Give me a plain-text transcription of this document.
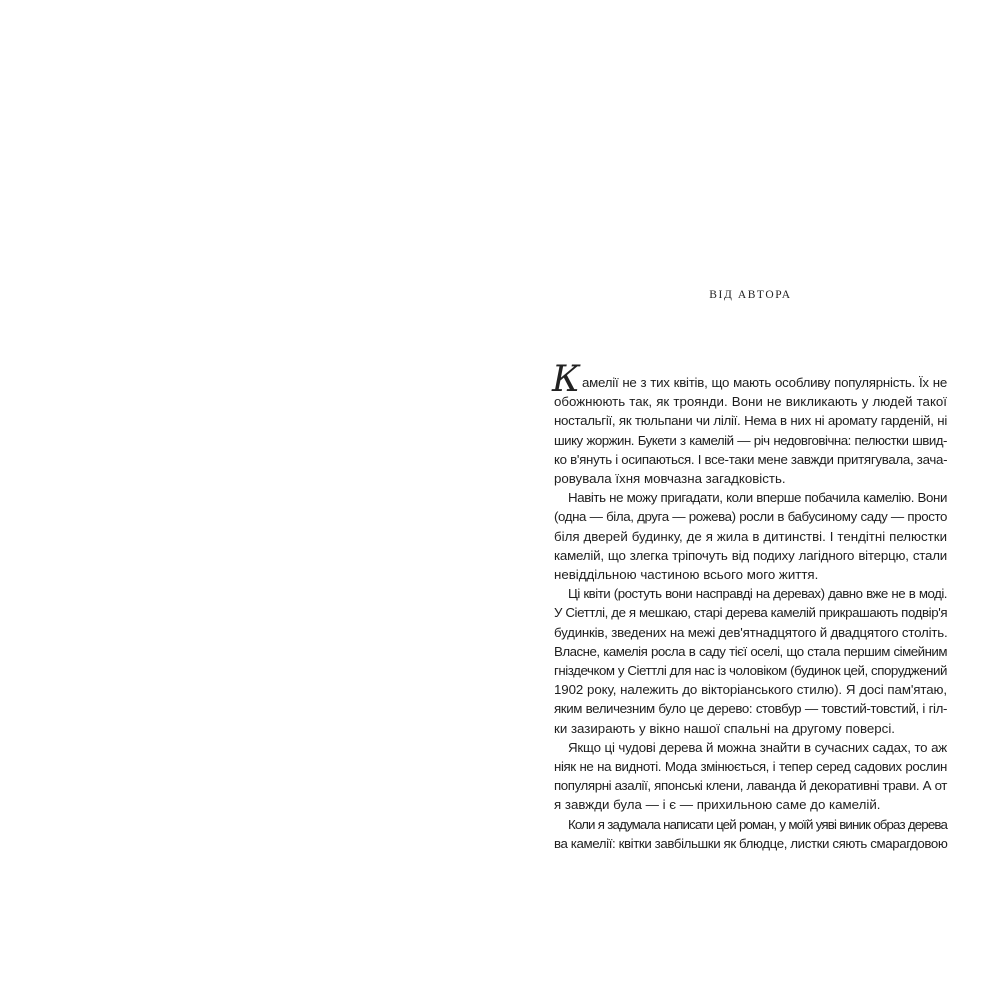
ВІД АВТОРА
Камелії не з тих квітів, що мають особливу популярність. Їх не
обожнюють так, як троянди. Вони не викликають у людей такої
ностальгії, як тюльпани чи лілії. Нема в них ні аромату гарденій, ні
шику жоржин. Букети з камелій — річ недовговічна: пелюстки швид-
ко в'януть і осипаються. І все-таки мене завжди притягувала, зача-
ровувала їхня мовчазна загадковість.
Навіть не можу пригадати, коли вперше побачила камелію. Вони
(одна — біла, друга — рожева) росли в бабусиному саду — просто
біля дверей будинку, де я жила в дитинстві. І тендітні пелюстки
камелій, що злегка тріпочуть від подиху лагідного вітерцю, стали
невіддільною частиною всього мого життя.
Ці квіти (ростуть вони насправді на деревах) давно вже не в моді.
У Сіеттлі, де я мешкаю, старі дерева камелій прикрашають подвір'я
будинків, зведених на межі дев'ятнадцятого й двадцятого століть.
Власне, камелія росла в саду тієї оселі, що стала першим сімейним
гніздечком у Сіеттлі для нас із чоловіком (будинок цей, споруджений
1902 року, належить до вікторіанського стилю). Я досі пам'ятаю,
яким величезним було це дерево: стовбур — товстий-товстий, і гіл-
ки зазирають у вікно нашої спальні на другому поверсі.
Якщо ці чудові дерева й можна знайти в сучасних садах, то аж
ніяк не на видноті. Мода змінюється, і тепер серед садових рослин
популярні азалії, японські клени, лаванда й декоративні трави. А от
я завжди була — і є — прихильною саме до камелій.
Коли я задумала написати цей роман, у моїй уяві виник образ дерева
ва камелії: квітки завбільшки як блюдце, листки сяють смарагдовою
